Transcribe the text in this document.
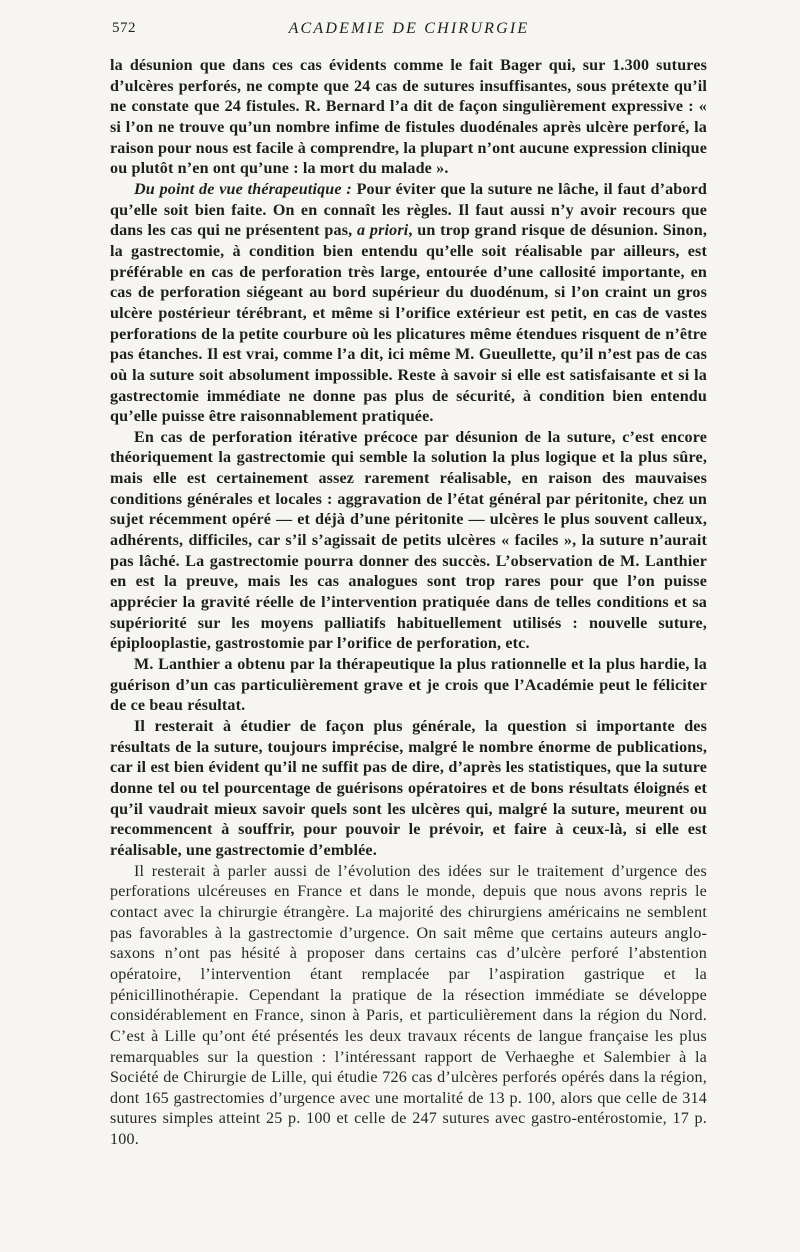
572	ACADEMIE DE CHIRURGIE

la désunion que dans ces cas évidents comme le fait Bager qui, sur 1.300 sutures d’ulcères perforés, ne compte que 24 cas de sutures insuffisantes, sous prétexte qu’il ne constate que 24 fistules. R. Bernard l’a dit de façon singulièrement expressive : « si l’on ne trouve qu’un nombre infime de fistules duodénales après ulcère perforé, la raison pour nous est facile à comprendre, la plupart n’ont aucune expression clinique ou plutôt n’en ont qu’une : la mort du malade ».

Du point de vue thérapeutique : Pour éviter que la suture ne lâche, il faut d’abord qu’elle soit bien faite. On en connaît les règles. Il faut aussi n’y avoir recours que dans les cas qui ne présentent pas, a priori, un trop grand risque de désunion. Sinon, la gastrectomie, à condition bien entendu qu’elle soit réalisable par ailleurs, est préférable en cas de perforation très large, entourée d’une callosité importante, en cas de perforation siégeant au bord supérieur du duodénum, si l’on craint un gros ulcère postérieur térébrant, et même si l’orifice extérieur est petit, en cas de vastes perforations de la petite courbure où les plicatures même étendues risquent de n’être pas étanches. Il est vrai, comme l’a dit, ici même M. Gueullette, qu’il n’est pas de cas où la suture soit absolument impossible. Reste à savoir si elle est satisfaisante et si la gastrectomie immédiate ne donne pas plus de sécurité, à condition bien entendu qu’elle puisse être raisonnablement pratiquée.

En cas de perforation itérative précoce par désunion de la suture, c’est encore théoriquement la gastrectomie qui semble la solution la plus logique et la plus sûre, mais elle est certainement assez rarement réalisable, en raison des mauvaises conditions générales et locales : aggravation de l’état général par péritonite, chez un sujet récemment opéré — et déjà d’une péritonite — ulcères le plus souvent calleux, adhérents, difficiles, car s’il s’agissait de petits ulcères « faciles », la suture n’aurait pas lâché. La gastrectomie pourra donner des succès. L’observation de M. Lanthier en est la preuve, mais les cas analogues sont trop rares pour que l’on puisse apprécier la gravité réelle de l’intervention pratiquée dans de telles conditions et sa supériorité sur les moyens palliatifs habituellement utilisés : nouvelle suture, épiplooplastie, gastrostomie par l’orifice de perforation, etc.

M. Lanthier a obtenu par la thérapeutique la plus rationnelle et la plus hardie, la guérison d’un cas particulièrement grave et je crois que l’Académie peut le féliciter de ce beau résultat.

Il resterait à étudier de façon plus générale, la question si importante des résultats de la suture, toujours imprécise, malgré le nombre énorme de publications, car il est bien évident qu’il ne suffit pas de dire, d’après les statistiques, que la suture donne tel ou tel pourcentage de guérisons opératoires et de bons résultats éloignés et qu’il vaudrait mieux savoir quels sont les ulcères qui, malgré la suture, meurent ou recommencent à souffrir, pour pouvoir le prévoir, et faire à ceux-là, si elle est réalisable, une gastrectomie d’emblée.

Il resterait à parler aussi de l’évolution des idées sur le traitement d’urgence des perforations ulcéreuses en France et dans le monde, depuis que nous avons repris le contact avec la chirurgie étrangère. La majorité des chirurgiens américains ne semblent pas favorables à la gastrectomie d’urgence. On sait même que certains auteurs anglo-saxons n’ont pas hésité à proposer dans certains cas d’ulcère perforé l’abstention opératoire, l’intervention étant remplacée par l’aspiration gastrique et la pénicillinothérapie. Cependant la pratique de la résection immédiate se développe considérablement en France, sinon à Paris, et particulièrement dans la région du Nord. C’est à Lille qu’ont été présentés les deux travaux récents de langue française les plus remarquables sur la question : l’intéressant rapport de Verhaeghe et Salembier à la Société de Chirurgie de Lille, qui étudie 726 cas d’ulcères perforés opérés dans la région, dont 165 gastrectomies d’urgence avec une mortalité de 13 p. 100, alors que celle de 314 sutures simples atteint 25 p. 100 et celle de 247 sutures avec gastro-entérostomie, 17 p. 100.
